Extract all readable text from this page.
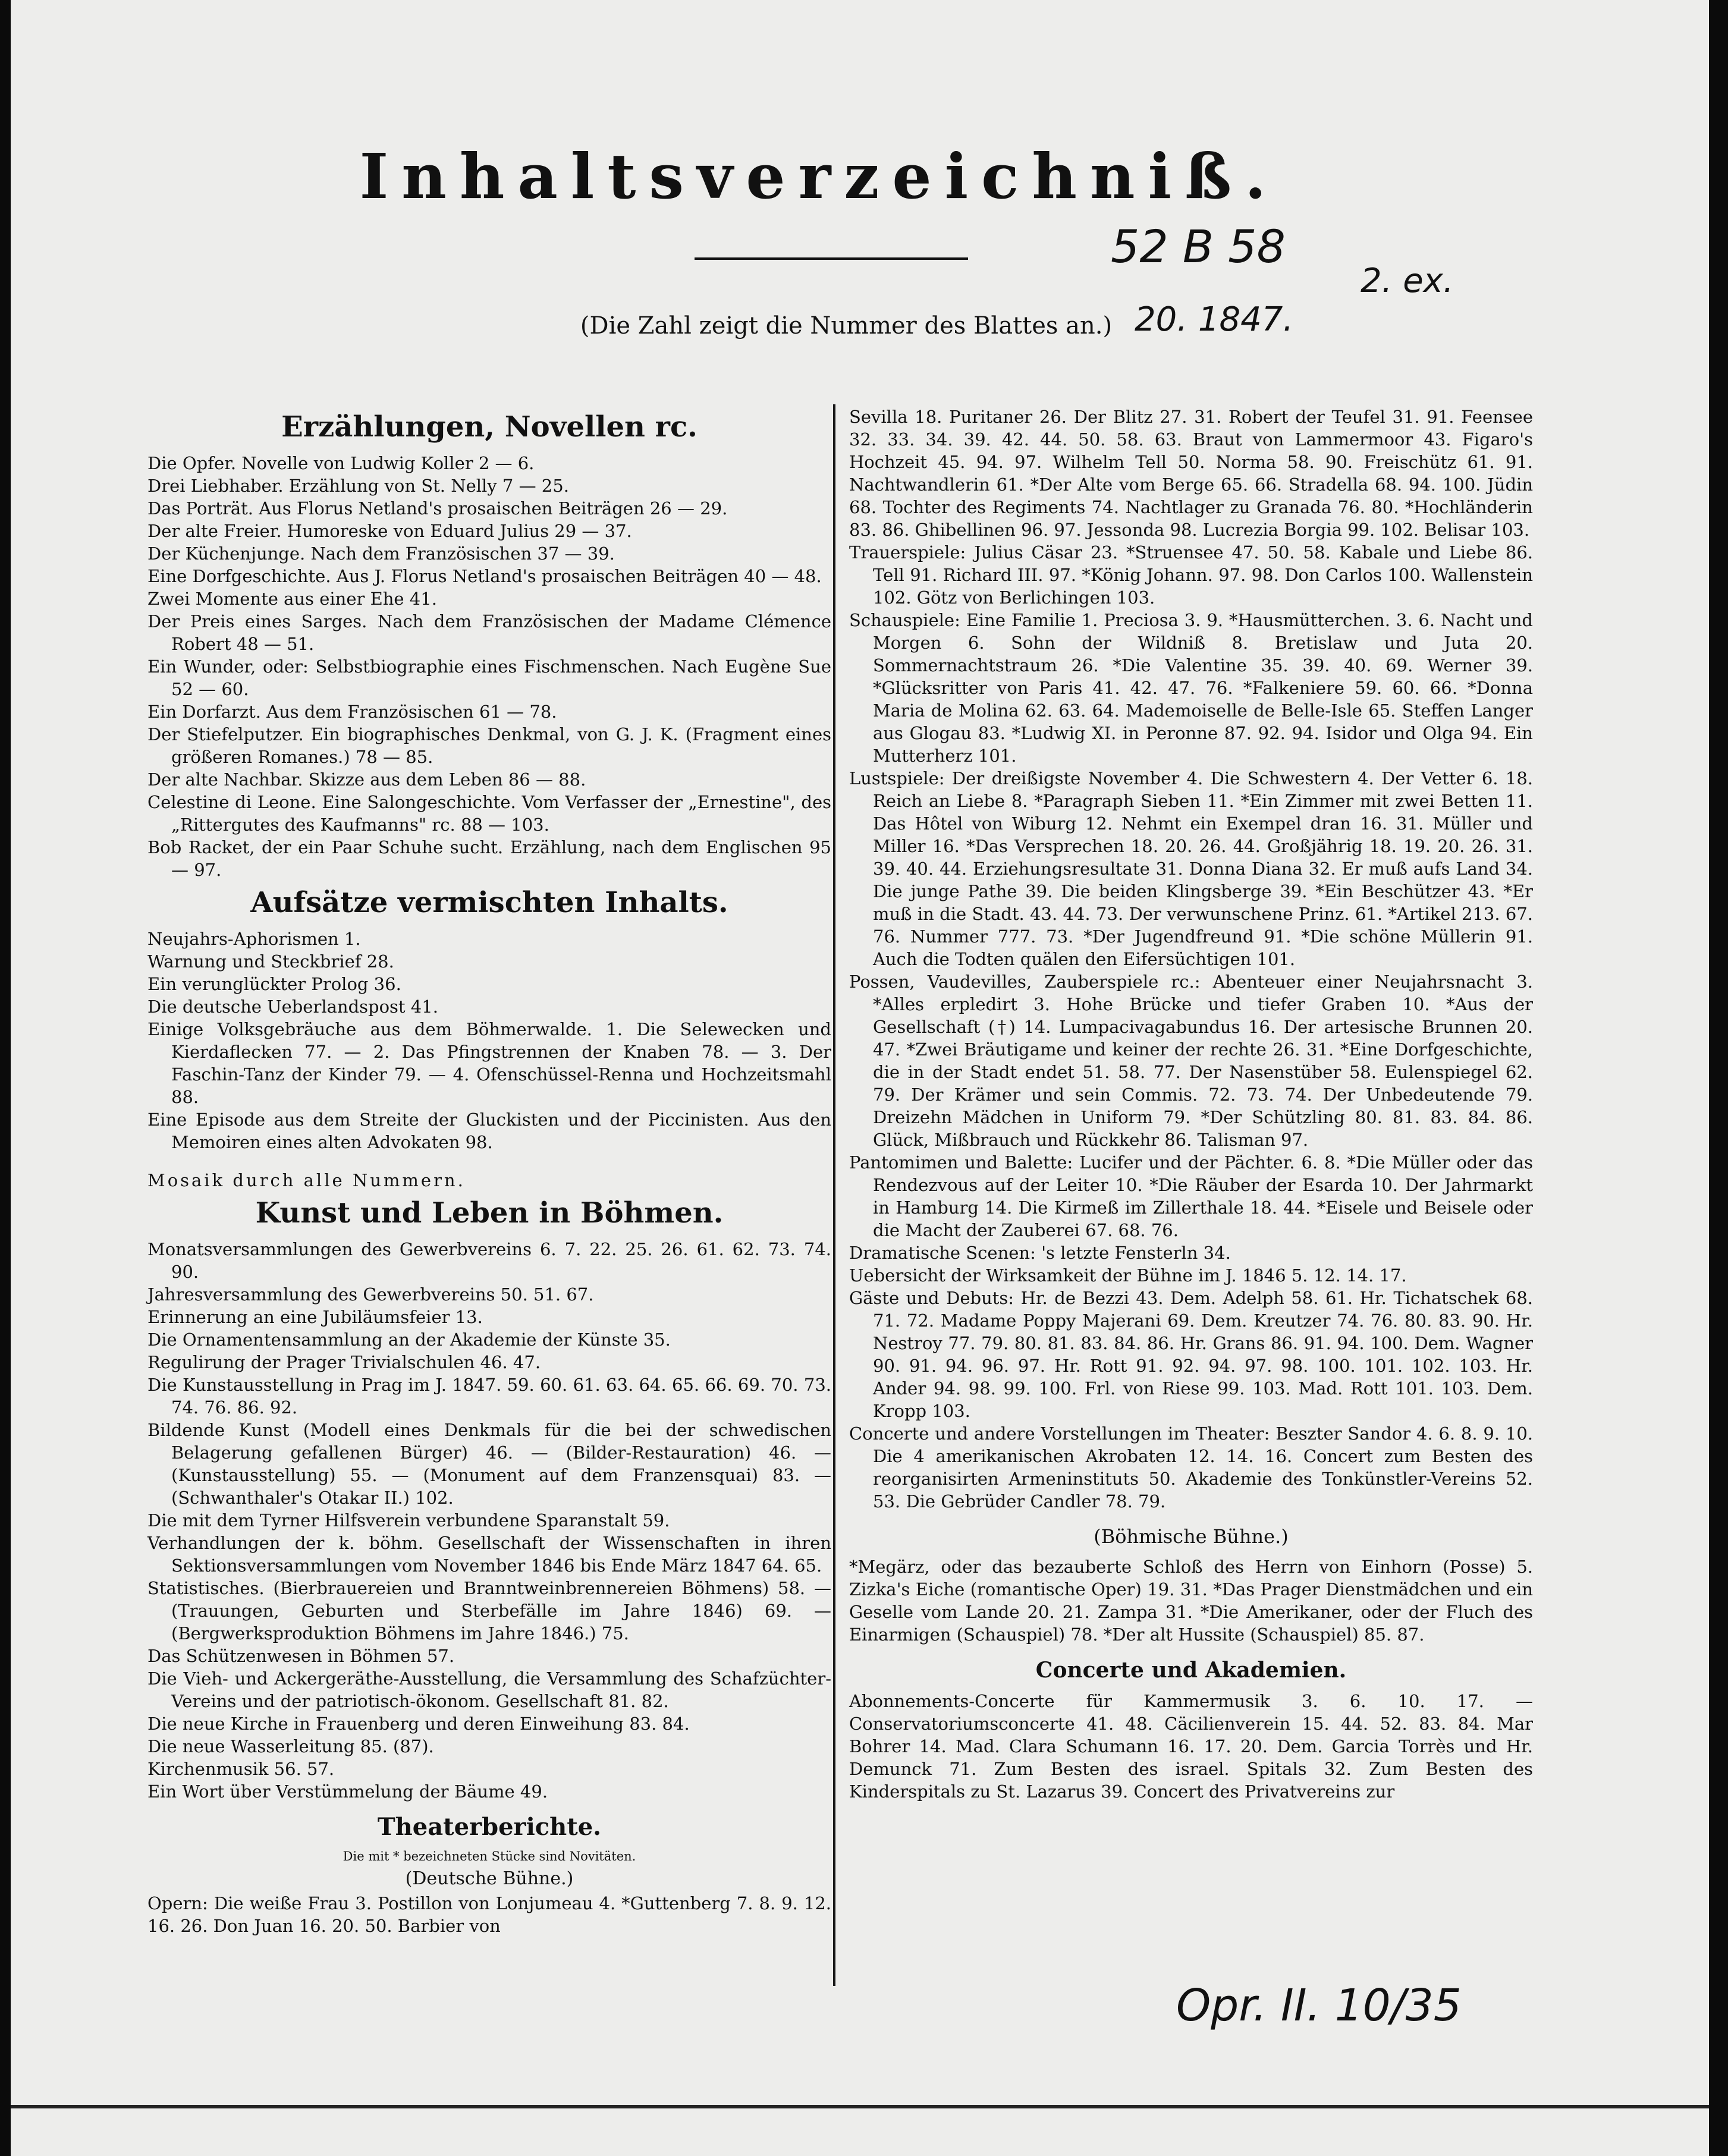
Inhaltsverzeichniß.
(Die Zahl zeigt die Nummer des Blattes an.)
52 B 58
20. 1847.
2. ex.
Opr. II. 10/35
Erzählungen, Novellen rc.

Die Opfer. Novelle von Ludwig Koller 2 — 6.

Drei Liebhaber. Erzählung von St. Nelly 7 — 25.

Das Porträt. Aus Florus Netland's prosaischen Beiträgen 26 — 29.

Der alte Freier. Humoreske von Eduard Julius 29 — 37.

Der Küchenjunge. Nach dem Französischen 37 — 39.

Eine Dorfgeschichte. Aus J. Florus Netland's prosaischen Beiträgen 40 — 48.

Zwei Momente aus einer Ehe 41.

Der Preis eines Sarges. Nach dem Französischen der Madame Clémence Robert 48 — 51.

Ein Wunder, oder: Selbstbiographie eines Fischmenschen. Nach Eugène Sue 52 — 60.

Ein Dorfarzt. Aus dem Französischen 61 — 78.

Der Stiefelputzer. Ein biographisches Denkmal, von G. J. K. (Fragment eines größeren Romanes.) 78 — 85.

Der alte Nachbar. Skizze aus dem Leben 86 — 88.

Celestine di Leone. Eine Salongeschichte. Vom Verfasser der „Ernestine", des „Rittergutes des Kaufmanns" rc. 88 — 103.

Bob Racket, der ein Paar Schuhe sucht. Erzählung, nach dem Englischen 95 — 97.

Aufsätze vermischten Inhalts.

Neujahrs-Aphorismen 1.

Warnung und Steckbrief 28.

Ein verunglückter Prolog 36.

Die deutsche Ueberlandspost 41.

Einige Volksgebräuche aus dem Böhmerwalde. 1. Die Selewecken und Kierdaflecken 77. — 2. Das Pfingstrennen der Knaben 78. — 3. Der Faschin-Tanz der Kinder 79. — 4. Ofenschüssel-Renna und Hochzeitsmahl 88.

Eine Episode aus dem Streite der Gluckisten und der Piccinisten. Aus den Memoiren eines alten Advokaten 98.

Mosaik durch alle Nummern.

Kunst und Leben in Böhmen.

Monatsversammlungen des Gewerbvereins 6. 7. 22. 25. 26. 61. 62. 73. 74. 90.

Jahresversammlung des Gewerbvereins 50. 51. 67.

Erinnerung an eine Jubiläumsfeier 13.

Die Ornamentensammlung an der Akademie der Künste 35.

Regulirung der Prager Trivialschulen 46. 47.

Die Kunstausstellung in Prag im J. 1847. 59. 60. 61. 63. 64. 65. 66. 69. 70. 73. 74. 76. 86. 92.

Bildende Kunst (Modell eines Denkmals für die bei der schwedischen Belagerung gefallenen Bürger) 46. — (Bilder-Restauration) 46. — (Kunstausstellung) 55. — (Monument auf dem Franzensquai) 83. — (Schwanthaler's Otakar II.) 102.

Die mit dem Tyrner Hilfsverein verbundene Sparanstalt 59.

Verhandlungen der k. böhm. Gesellschaft der Wissenschaften in ihren Sektionsversammlungen vom November 1846 bis Ende März 1847 64. 65.

Statistisches. (Bierbrauereien und Branntweinbrennereien Böhmens) 58. — (Trauungen, Geburten und Sterbefälle im Jahre 1846) 69. — (Bergwerksproduktion Böhmens im Jahre 1846.) 75.

Das Schützenwesen in Böhmen 57.

Die Vieh- und Ackergeräthe-Ausstellung, die Versammlung des Schafzüchter-Vereins und der patriotisch-ökonom. Gesellschaft 81. 82.

Die neue Kirche in Frauenberg und deren Einweihung 83. 84.

Die neue Wasserleitung 85. (87).

Kirchenmusik 56. 57.

Ein Wort über Verstümmelung der Bäume 49.

Theaterberichte.
Die mit * bezeichneten Stücke sind Novitäten.
(Deutsche Bühne.)

Opern: Die weiße Frau 3. Postillon von Lonjumeau 4. *Guttenberg 7. 8. 9. 12. 16. 26. Don Juan 16. 20. 50. Barbier von

Sevilla 18. Puritaner 26. Der Blitz 27. 31. Robert der Teufel 31. 91. Feensee 32. 33. 34. 39. 42. 44. 50. 58. 63. Braut von Lammermoor 43. Figaro's Hochzeit 45. 94. 97. Wilhelm Tell 50. Norma 58. 90. Freischütz 61. 91. Nachtwandlerin 61. *Der Alte vom Berge 65. 66. Stradella 68. 94. 100. Jüdin 68. Tochter des Regiments 74. Nachtlager zu Granada 76. 80. *Hochländerin 83. 86. Ghibellinen 96. 97. Jessonda 98. Lucrezia Borgia 99. 102. Belisar 103.

Trauerspiele: Julius Cäsar 23. *Struensee 47. 50. 58. Kabale und Liebe 86. Tell 91. Richard III. 97. *König Johann. 97. 98. Don Carlos 100. Wallenstein 102. Götz von Berlichingen 103.

Schauspiele: Eine Familie 1. Preciosa 3. 9. *Hausmütterchen. 3. 6. Nacht und Morgen 6. Sohn der Wildniß 8. Bretislaw und Juta 20. Sommernachtstraum 26. *Die Valentine 35. 39. 40. 69. Werner 39. *Glücksritter von Paris 41. 42. 47. 76. *Falkeniere 59. 60. 66. *Donna Maria de Molina 62. 63. 64. Mademoiselle de Belle-Isle 65. Steffen Langer aus Glogau 83. *Ludwig XI. in Peronne 87. 92. 94. Isidor und Olga 94. Ein Mutterherz 101.

Lustspiele: Der dreißigste November 4. Die Schwestern 4. Der Vetter 6. 18. Reich an Liebe 8. *Paragraph Sieben 11. *Ein Zimmer mit zwei Betten 11. Das Hôtel von Wiburg 12. Nehmt ein Exempel dran 16. 31. Müller und Miller 16. *Das Versprechen 18. 20. 26. 44. Großjährig 18. 19. 20. 26. 31. 39. 40. 44. Erziehungsresultate 31. Donna Diana 32. Er muß aufs Land 34. Die junge Pathe 39. Die beiden Klingsberge 39. *Ein Beschützer 43. *Er muß in die Stadt. 43. 44. 73. Der verwunschene Prinz. 61. *Artikel 213. 67. 76. Nummer 777. 73. *Der Jugendfreund 91. *Die schöne Müllerin 91. Auch die Todten quälen den Eifersüchtigen 101.

Possen, Vaudevilles, Zauberspiele rc.: Abenteuer einer Neujahrsnacht 3. *Alles erpledirt 3. Hohe Brücke und tiefer Graben 10. *Aus der Gesellschaft (†) 14. Lumpacivagabundus 16. Der artesische Brunnen 20. 47. *Zwei Bräutigame und keiner der rechte 26. 31. *Eine Dorfgeschichte, die in der Stadt endet 51. 58. 77. Der Nasenstüber 58. Eulenspiegel 62. 79. Der Krämer und sein Commis. 72. 73. 74. Der Unbedeutende 79. Dreizehn Mädchen in Uniform 79. *Der Schützling 80. 81. 83. 84. 86. Glück, Mißbrauch und Rückkehr 86. Talisman 97.

Pantomimen und Balette: Lucifer und der Pächter. 6. 8. *Die Müller oder das Rendezvous auf der Leiter 10. *Die Räuber der Esarda 10. Der Jahrmarkt in Hamburg 14. Die Kirmeß im Zillerthale 18. 44. *Eisele und Beisele oder die Macht der Zauberei 67. 68. 76.

Dramatische Scenen: 's letzte Fensterln 34.

Uebersicht der Wirksamkeit der Bühne im J. 1846 5. 12. 14. 17.

Gäste und Debuts: Hr. de Bezzi 43. Dem. Adelph 58. 61. Hr. Tichatschek 68. 71. 72. Madame Poppy Majerani 69. Dem. Kreutzer 74. 76. 80. 83. 90. Hr. Nestroy 77. 79. 80. 81. 83. 84. 86. Hr. Grans 86. 91. 94. 100. Dem. Wagner 90. 91. 94. 96. 97. Hr. Rott 91. 92. 94. 97. 98. 100. 101. 102. 103. Hr. Ander 94. 98. 99. 100. Frl. von Riese 99. 103. Mad. Rott 101. 103. Dem. Kropp 103.

Concerte und andere Vorstellungen im Theater: Beszter Sandor 4. 6. 8. 9. 10. Die 4 amerikanischen Akrobaten 12. 14. 16. Concert zum Besten des reorganisirten Armeninstituts 50. Akademie des Tonkünstler-Vereins 52. 53. Die Gebrüder Candler 78. 79.

(Böhmische Bühne.)

*Megärz, oder das bezauberte Schloß des Herrn von Einhorn (Posse) 5. Zizka's Eiche (romantische Oper) 19. 31. *Das Prager Dienstmädchen und ein Geselle vom Lande 20. 21. Zampa 31. *Die Amerikaner, oder der Fluch des Einarmigen (Schauspiel) 78. *Der alt Hussite (Schauspiel) 85. 87.

Concerte und Akademien.

Abonnements-Concerte für Kammermusik 3. 6. 10. 17. — Conservatoriumsconcerte 41. 48. Cäcilienverein 15. 44. 52. 83. 84. Mar Bohrer 14. Mad. Clara Schumann 16. 17. 20. Dem. Garcia Torrès und Hr. Demunck 71. Zum Besten des israel. Spitals 32. Zum Besten des Kinderspitals zu St. Lazarus 39. Concert des Privatvereins zur
